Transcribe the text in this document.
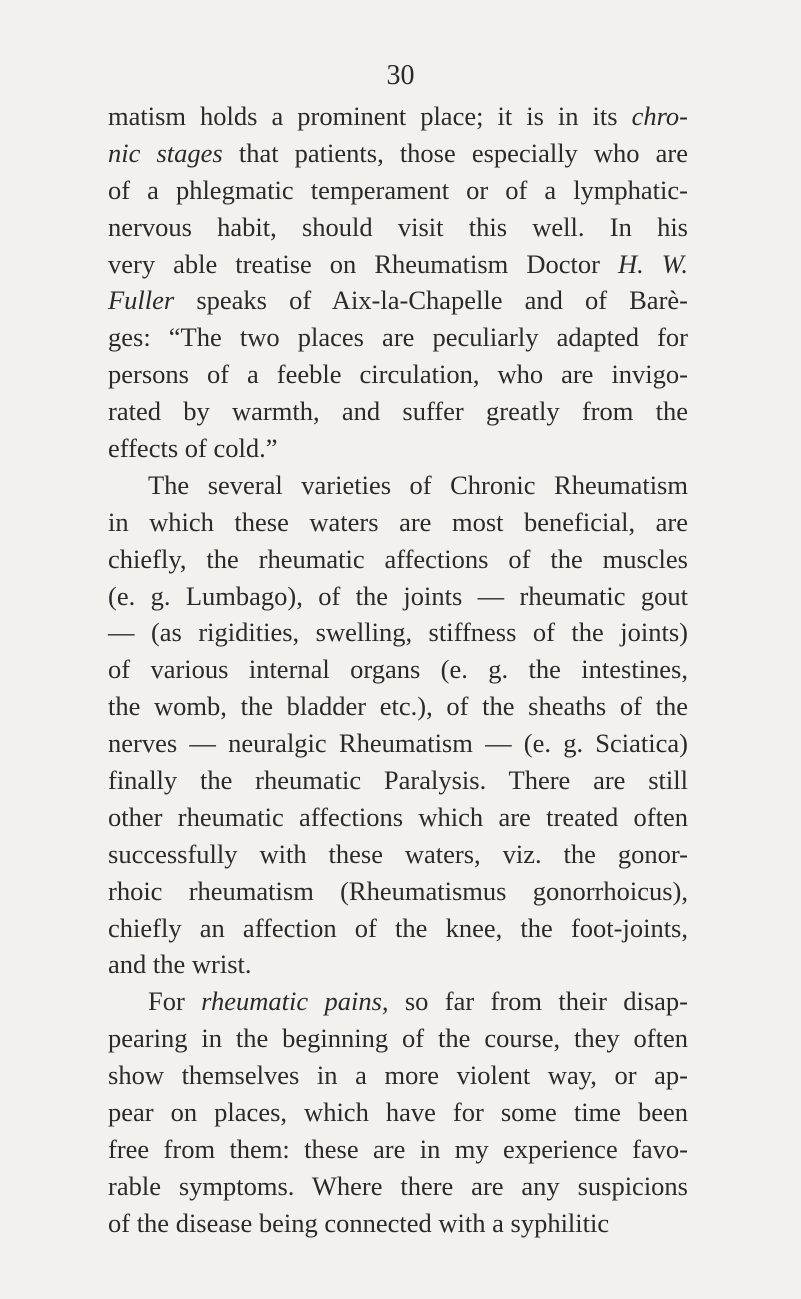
30
matism holds a prominent place; it is in its chro-
nic stages that patients, those especially who are
of a phlegmatic temperament or of a lymphatic-
nervous habit, should visit this well. In his
very able treatise on Rheumatism Doctor H. W.
Fuller speaks of Aix-la-Chapelle and of Barè-
ges: “The two places are peculiarly adapted for
persons of a feeble circulation, who are invigo-
rated by warmth, and suffer greatly from the
effects of cold.”
The several varieties of Chronic Rheumatism
in which these waters are most beneficial, are
chiefly, the rheumatic affections of the muscles
(e. g. Lumbago), of the joints — rheumatic gout
— (as rigidities, swelling, stiffness of the joints)
of various internal organs (e. g. the intestines,
the womb, the bladder etc.), of the sheaths of the
nerves — neuralgic Rheumatism — (e. g. Sciatica)
finally the rheumatic Paralysis. There are still
other rheumatic affections which are treated often
successfully with these waters, viz. the gonor-
rhoic rheumatism (Rheumatismus gonorrhoicus),
chiefly an affection of the knee, the foot-joints,
and the wrist.
For rheumatic pains, so far from their disap-
pearing in the beginning of the course, they often
show themselves in a more violent way, or ap-
pear on places, which have for some time been
free from them: these are in my experience favo-
rable symptoms. Where there are any suspicions
of the disease being connected with a syphilitic
